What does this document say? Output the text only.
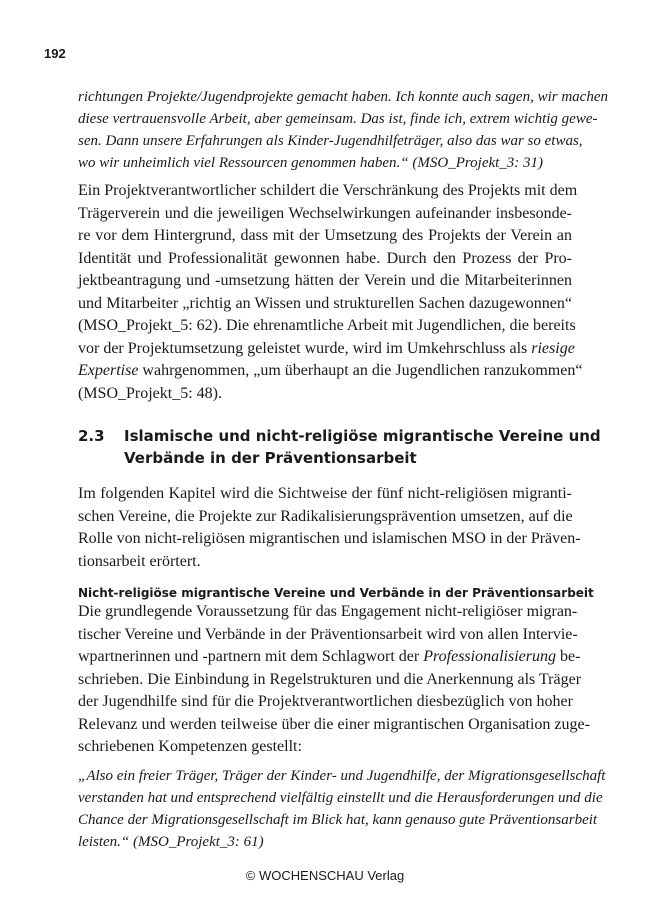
192
richtungen Projekte/Jugendprojekte gemacht haben. Ich konnte auch sagen, wir machen
diese vertrauensvolle Arbeit, aber gemeinsam. Das ist, finde ich, extrem wichtig gewe-
sen. Dann unsere Erfahrungen als Kinder-Jugendhilfeträger, also das war so etwas,
wo wir unheimlich viel Ressourcen genommen haben.“ (MSO_Projekt_3: 31)
Ein Projektverantwortlicher schildert die Verschränkung des Projekts mit dem
Trägerverein und die jeweiligen Wechselwirkungen aufeinander insbesonde-
re vor dem Hintergrund, dass mit der Umsetzung des Projekts der Verein an
Identität und Professionalität gewonnen habe. Durch den Prozess der Pro-
jektbeantragung und -umsetzung hätten der Verein und die Mitarbeiterinnen
und Mitarbeiter „richtig an Wissen und strukturellen Sachen dazugewonnen“
(MSO_Projekt_5: 62). Die ehrenamtliche Arbeit mit Jugendlichen, die bereits
vor der Projektumsetzung geleistet wurde, wird im Umkehrschluss als riesige
Expertise wahrgenommen, „um überhaupt an die Jugendlichen ranzukommen“
(MSO_Projekt_5: 48).
2.3 Islamische und nicht-religiöse migrantische Vereine und
Verbände in der Präventionsarbeit
Im folgenden Kapitel wird die Sichtweise der fünf nicht-religiösen migranti-
schen Vereine, die Projekte zur Radikalisierungsprävention umsetzen, auf die
Rolle von nicht-religiösen migrantischen und islamischen MSO in der Präven-
tionsarbeit erörtert.
Nicht-religiöse migrantische Vereine und Verbände in der Präventionsarbeit
Die grundlegende Voraussetzung für das Engagement nicht-religiöser migran-
tischer Vereine und Verbände in der Präventionsarbeit wird von allen Intervie-
wpartnerinnen und -partnern mit dem Schlagwort der Professionalisierung be-
schrieben. Die Einbindung in Regelstrukturen und die Anerkennung als Träger
der Jugendhilfe sind für die Projektverantwortlichen diesbezüglich von hoher
Relevanz und werden teilweise über die einer migrantischen Organisation zuge-
schriebenen Kompetenzen gestellt:
„Also ein freier Träger, Träger der Kinder- und Jugendhilfe, der Migrationsgesellschaft
verstanden hat und entsprechend vielfältig einstellt und die Herausforderungen und die
Chance der Migrationsgesellschaft im Blick hat, kann genauso gute Präventionsarbeit
leisten.“ (MSO_Projekt_3: 61)
© WOCHENSCHAU Verlag
